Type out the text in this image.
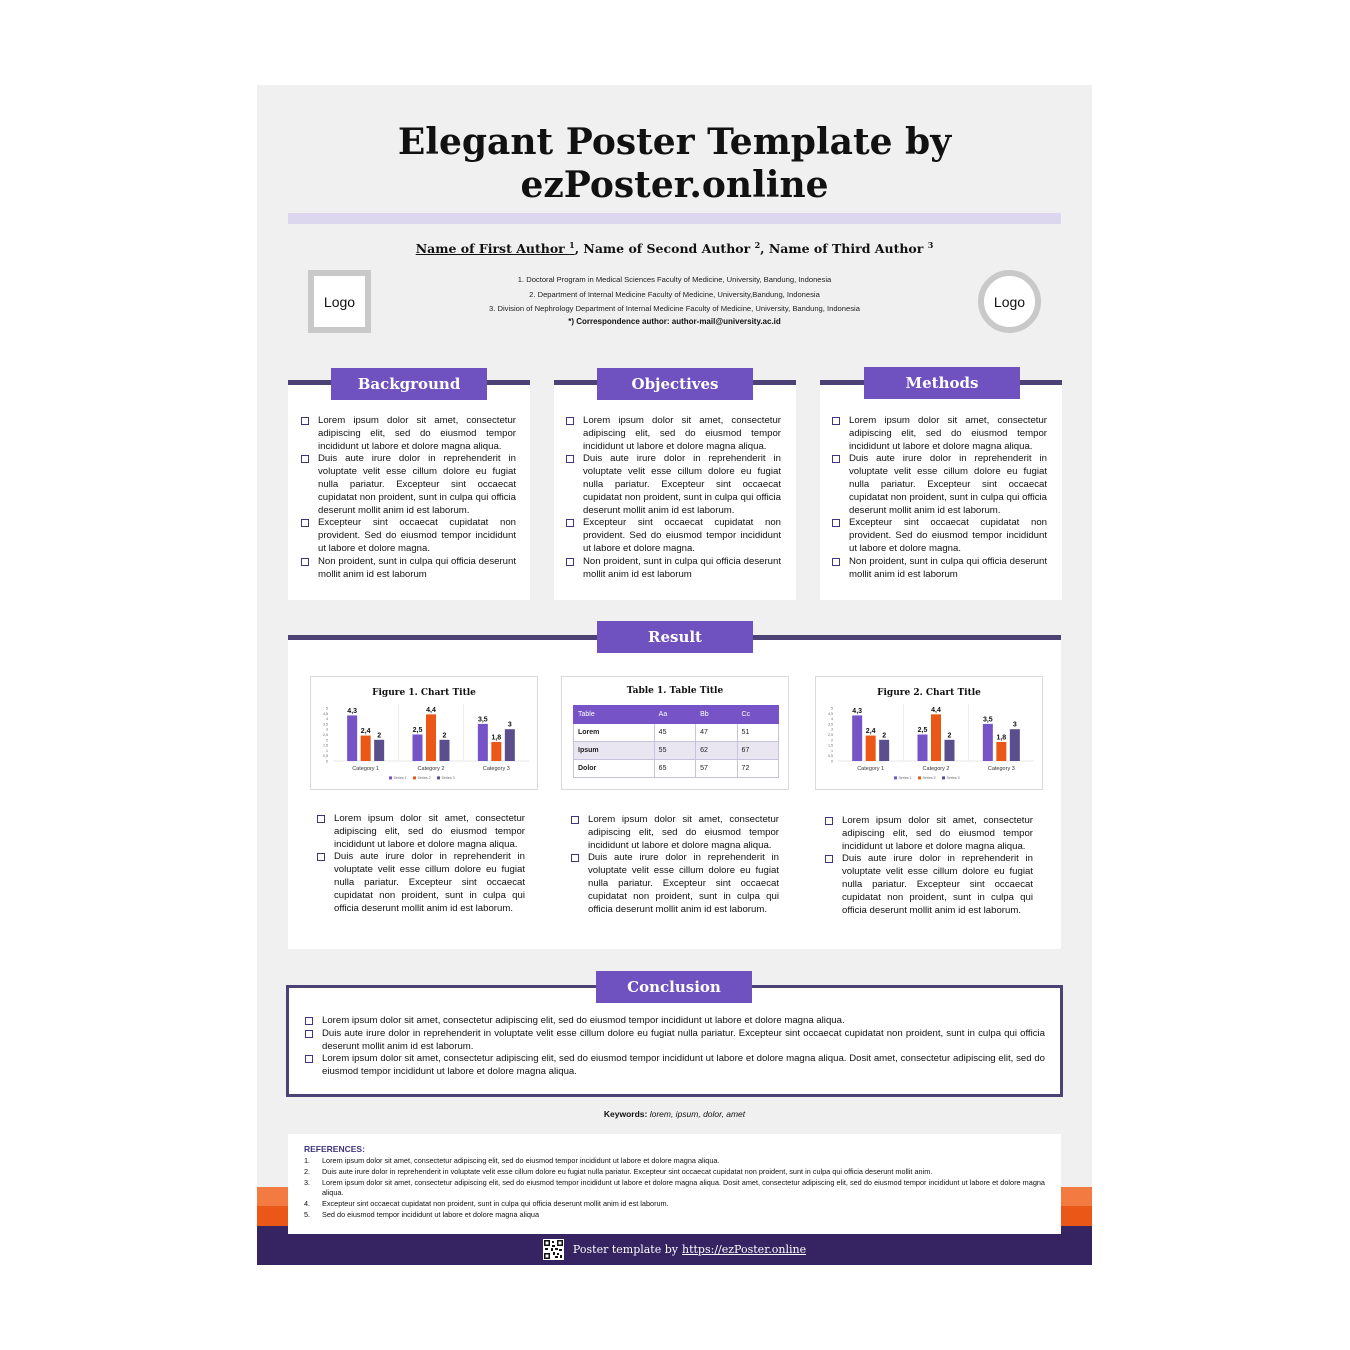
Elegant Poster Template by
ezPoster.online
Name of First Author $^1$, Name of Second Author $^2$, Name of Third Author $^3$
1. Doctoral Program in Medical Sciences Faculty of Medicine, University, Bandung, Indonesia
2. Department of Internal Medicine Faculty of Medicine, University,Bandung, Indonesia
3. Division of Nephrology Department of Internal Medicine Faculty of Medicine, University, Bandung, Indonesia
*) Correspondence author: author-mail@university.ac.id
Logo	Logo
Lorem ipsum dolor sit amet, consectetur adipiscing elit, sed do eiusmod tempor incididunt ut labore et dolore magna aliqua.
Duis aute irure dolor in reprehenderit in voluptate velit esse cillum dolore eu fugiat nulla pariatur. Excepteur sint occaecat cupidatat non proident, sunt in culpa qui officia deserunt mollit anim id est laborum.
Excepteur sint occaecat cupidatat non provident. Sed do eiusmod tempor incididunt ut labore et dolore magna.
Non proident, sunt in culpa qui officia deserunt mollit anim id est laborum
Background
Lorem ipsum dolor sit amet, consectetur adipiscing elit, sed do eiusmod tempor incididunt ut labore et dolore magna aliqua.
Duis aute irure dolor in reprehenderit in voluptate velit esse cillum dolore eu fugiat nulla pariatur. Excepteur sint occaecat cupidatat non proident, sunt in culpa qui officia deserunt mollit anim id est laborum.
Excepteur sint occaecat cupidatat non provident. Sed do eiusmod tempor incididunt ut labore et dolore magna.
Non proident, sunt in culpa qui officia deserunt mollit anim id est laborum
Objectives
Lorem ipsum dolor sit amet, consectetur adipiscing elit, sed do eiusmod tempor incididunt ut labore et dolore magna aliqua.
Duis aute irure dolor in reprehenderit in voluptate velit esse cillum dolore eu fugiat nulla pariatur. Excepteur sint occaecat cupidatat non proident, sunt in culpa qui officia deserunt mollit anim id est laborum.
Excepteur sint occaecat cupidatat non provident. Sed do eiusmod tempor incididunt ut labore et dolore magna.
Non proident, sunt in culpa qui officia deserunt mollit anim id est laborum
Methods
Figure 1. Chart Title
0
0,5
1
1,5
2
2,5
3
3,5
4
4,5
5	4,3
2,4
2
Category 1
2,5
4,4
2
Category 2
3,5
1,8
3
Category 3
Series 1	Series 2	Series 3
Table 1. Table Title
Table	Aa	Bb	Cc
Lorem	45	47	51
Ipsum	55	62	67
Dolor	65	57	72
Figure 2. Chart Title
0
0,5
1
1,5
2
2,5
3
3,5
4
4,5
5	4,3
2,4
2
Category 1
2,5
4,4
2
Category 2
3,5
1,8
3
Category 3
Series 1	Series 2	Series 3
Lorem ipsum dolor sit amet, consectetur adipiscing elit, sed do eiusmod tempor incididunt ut labore et dolore magna aliqua.
Duis aute irure dolor in reprehenderit in voluptate velit esse cillum dolore eu fugiat nulla pariatur. Excepteur sint occaecat cupidatat non proident, sunt in culpa qui officia deserunt mollit anim id est laborum.
Lorem ipsum dolor sit amet, consectetur adipiscing elit, sed do eiusmod tempor incididunt ut labore et dolore magna aliqua.
Duis aute irure dolor in reprehenderit in voluptate velit esse cillum dolore eu fugiat nulla pariatur. Excepteur sint occaecat cupidatat non proident, sunt in culpa qui officia deserunt mollit anim id est laborum.
Lorem ipsum dolor sit amet, consectetur adipiscing elit, sed do eiusmod tempor incididunt ut labore et dolore magna aliqua.
Duis aute irure dolor in reprehenderit in voluptate velit esse cillum dolore eu fugiat nulla pariatur. Excepteur sint occaecat cupidatat non proident, sunt in culpa qui officia deserunt mollit anim id est laborum.
Result
Lorem ipsum dolor sit amet, consectetur adipiscing elit, sed do eiusmod tempor incididunt ut labore et dolore magna aliqua.
Duis aute irure dolor in reprehenderit in voluptate velit esse cillum dolore eu fugiat nulla pariatur. Excepteur sint occaecat cupidatat non proident, sunt in culpa qui officia deserunt mollit anim id est laborum.
Lorem ipsum dolor sit amet, consectetur adipiscing elit, sed do eiusmod tempor incididunt ut labore et dolore magna aliqua. Dosit amet, consectetur adipiscing elit, sed do eiusmod tempor incididunt ut labore et dolore magna aliqua.
Conclusion
Keywords: lorem, ipsum, dolor, amet
REFERENCES:
1. Lorem ipsum dolor sit amet, consectetur adipiscing elit, sed do eiusmod tempor incididunt ut labore et dolore magna aliqua.
2. Duis aute irure dolor in reprehenderit in voluptate velit esse cillum dolore eu fugiat nulla pariatur. Excepteur sint occaecat cupidatat non proident, sunt in culpa qui officia deserunt mollit anim.
3. Lorem ipsum dolor sit amet, consectetur adipiscing elit, sed do eiusmod tempor incididunt ut labore et dolore magna aliqua. Dosit amet, consectetur adipiscing elit, sed do eiusmod tempor incididunt ut labore et dolore magna aliqua.
4. Excepteur sint occaecat cupidatat non proident, sunt in culpa qui officia deserunt mollit anim id est laborum.
5. Sed do eiusmod tempor incididunt ut labore et dolore magna aliqua
Poster template by https://ezPoster.online
